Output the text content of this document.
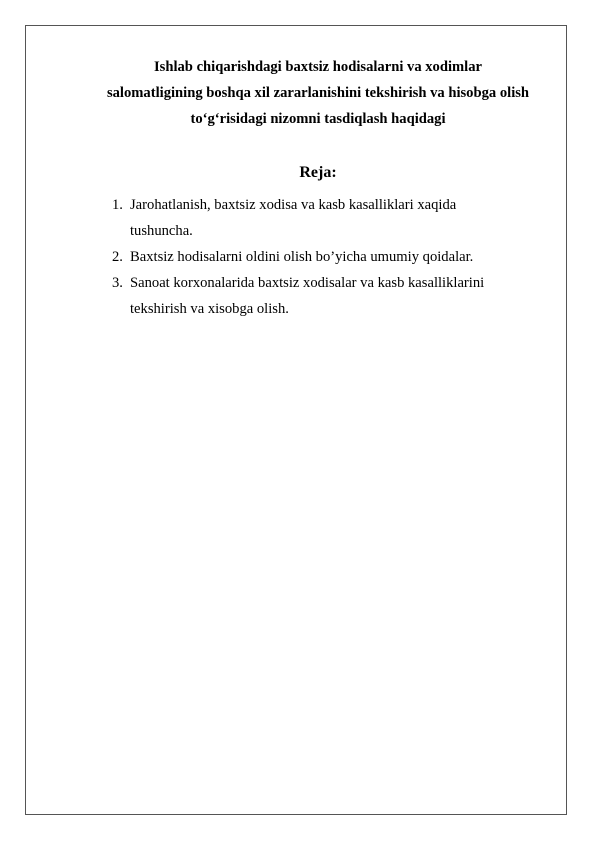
Ishlab chiqarishdagi baxtsiz hodisalarni va xodimlar
salomatligining boshqa xil zararlanishini tekshirish va hisobga olish
to‘g‘risidagi nizomni tasdiqlash haqidagi
Reja:
1. Jarohatlanish, baxtsiz xodisa va kasb kasalliklari xaqida
tushuncha.
2. Baxtsiz hodisalarni oldini olish bo’yicha umumiy qoidalar.
3. Sanoat korxonalarida baxtsiz xodisalar va kasb kasalliklarini
tekshirish va xisobga olish.
